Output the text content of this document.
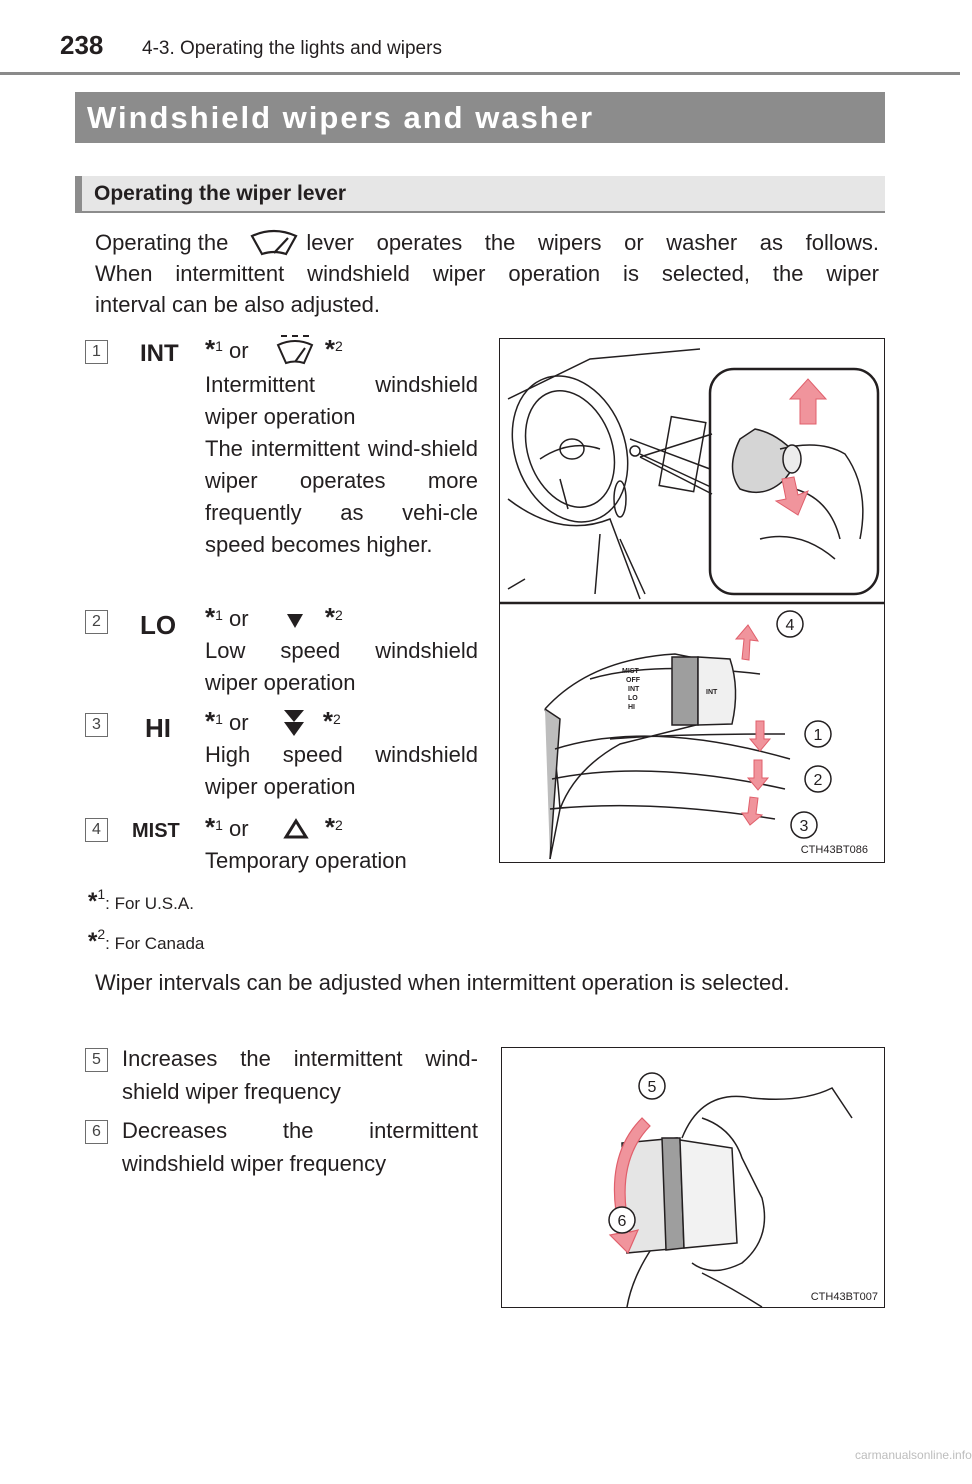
238 4-3. Operating the lights and wipers
Windshield wipers and washer
Operating the wiper lever
Operating the	lever operates the wipers or washer as follows.
When intermittent windshield wiper operation is selected, the wiper
interval can be also adjusted.
1 INT *$^1$ or	*$^2$
Intermittent windshield wiper operation
The intermittent wind-shield wiper operates more frequently as vehi-cle speed becomes higher.
2 LO *$^1$ or	*$^2$
Low speed windshield wiper operation
3 HI *$^1$ or	*$^2$
High speed windshield wiper operation
4	MIST *$^1$ or	*$^2$
Temporary operation
MIST
OFF
INT
LO
HI
INT
4
1
2
3
CTH43BT086
*$^1$: For U.S.A.
*$^2$: For Canada
Wiper intervals can be adjusted when intermittent operation is selected.
5 Increases the intermittent wind-shield wiper frequency
6 Decreases the intermittent windshield wiper frequency
5
6
CTH43BT007
carmanualsonline.info
